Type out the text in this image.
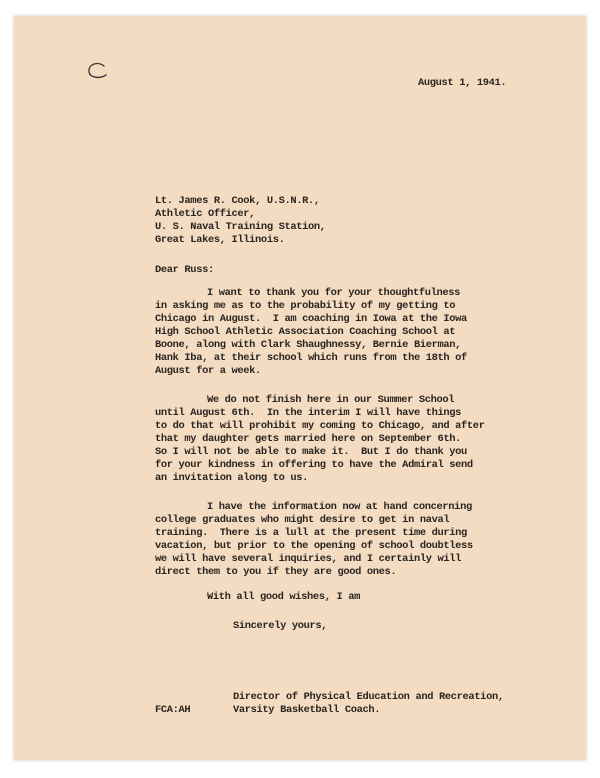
August 1, 1941.
Lt. James R. Cook, U.S.N.R.,
Athletic Officer,
U. S. Naval Training Station,
Great Lakes, Illinois.
Dear Russ:
I want to thank you for your thoughtfulness
in asking me as to the probability of my getting to
Chicago in August.  I am coaching in Iowa at the Iowa
High School Athletic Association Coaching School at
Boone, along with Clark Shaughnessy, Bernie Bierman,
Hank Iba, at their school which runs from the 18th of
August for a week.
We do not finish here in our Summer School
until August 6th.  In the interim I will have things
to do that will prohibit my coming to Chicago, and after
that my daughter gets married here on September 6th.
So I will not be able to make it.  But I do thank you
for your kindness in offering to have the Admiral send
an invitation along to us.
I have the information now at hand concerning
college graduates who might desire to get in naval
training.  There is a lull at the present time during
vacation, but prior to the opening of school doubtless
we will have several inquiries, and I certainly will
direct them to you if they are good ones.
With all good wishes, I am
Sincerely yours,
Director of Physical Education and Recreation,
Varsity Basketball Coach.
FCA:AH
